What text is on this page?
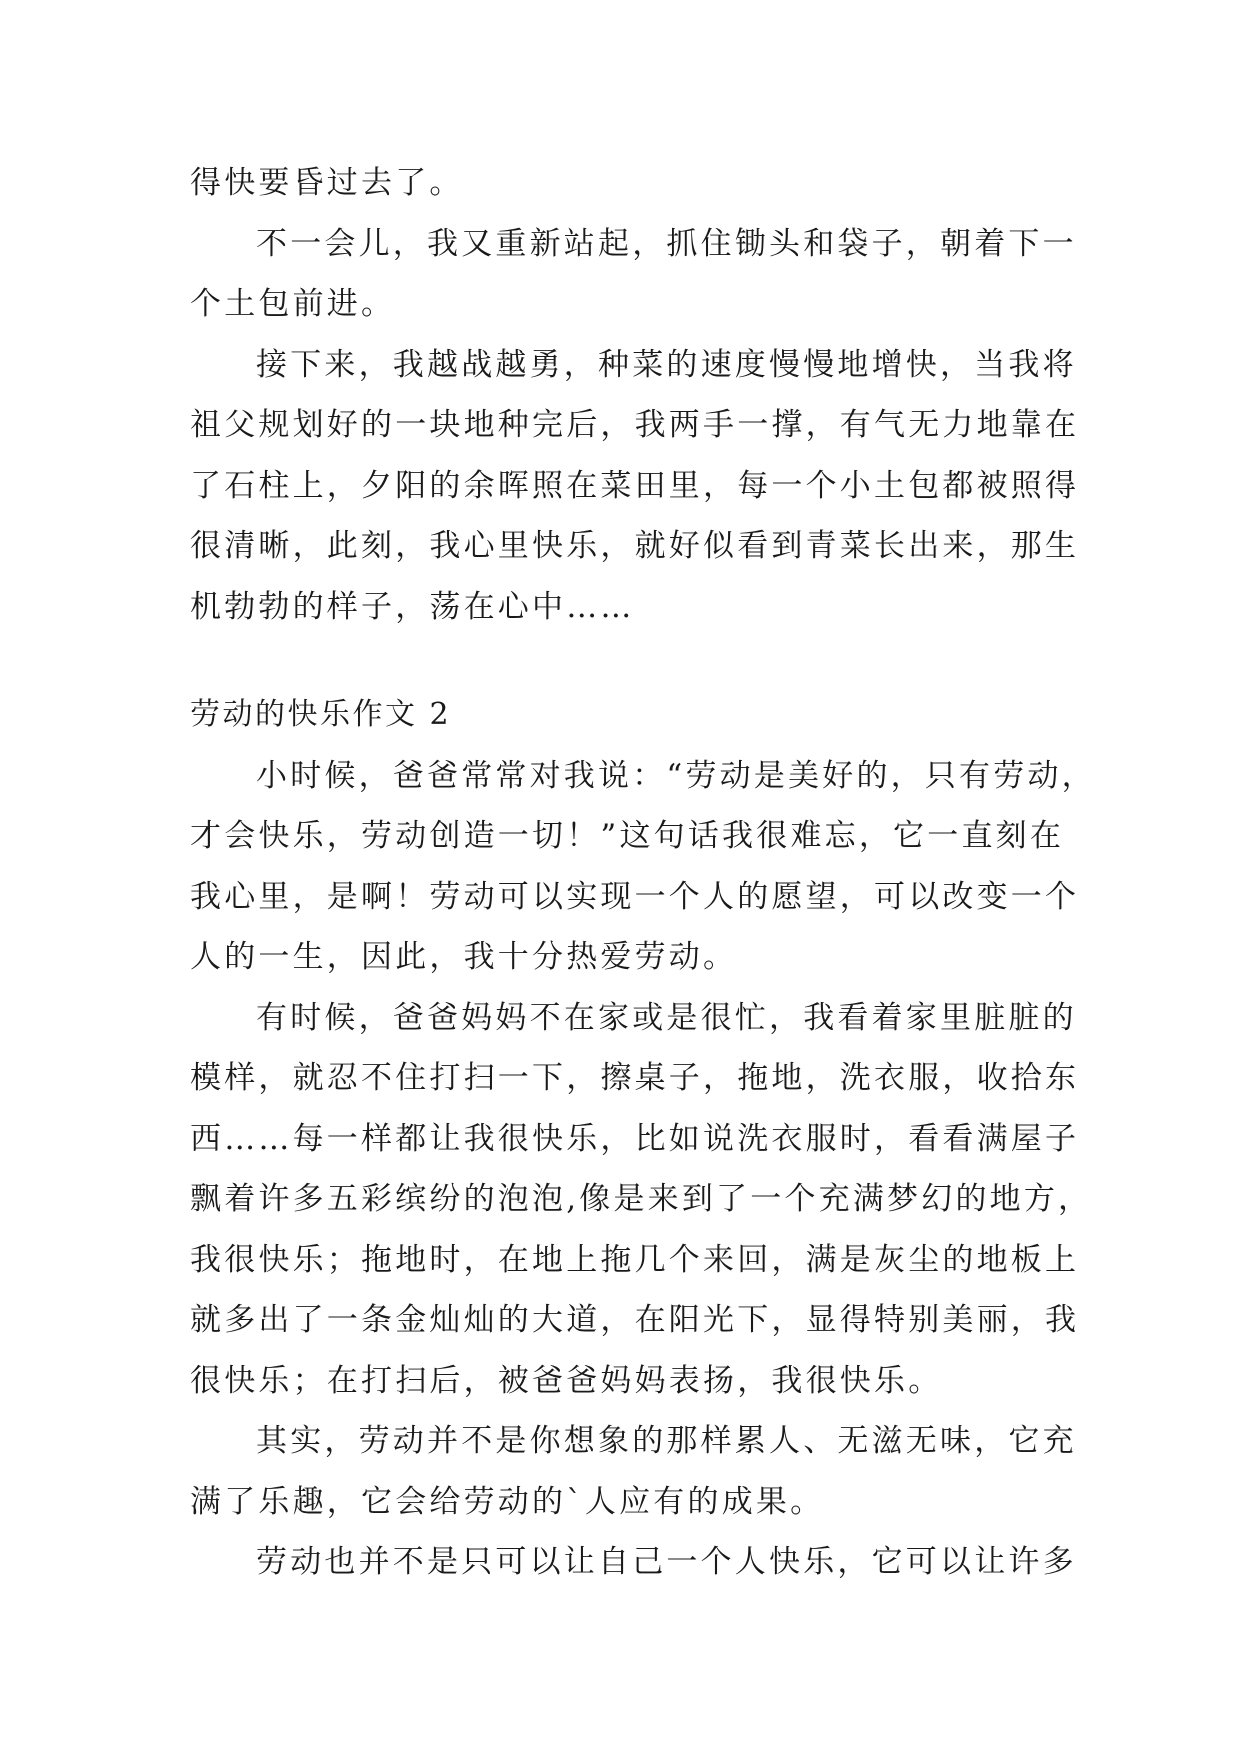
得快要昏过去了。
不一会儿，我又重新站起，抓住锄头和袋子，朝着下一
个土包前进。
接下来，我越战越勇，种菜的速度慢慢地增快，当我将
祖父规划好的一块地种完后，我两手一撑，有气无力地靠在
了石柱上，夕阳的余晖照在菜田里，每一个小土包都被照得
很清晰，此刻，我心里快乐，就好似看到青菜长出来，那生
机勃勃的样子，荡在心中……
劳动的快乐作文 2
小时候，爸爸常常对我说：“劳动是美好的，只有劳动，
才会快乐，劳动创造一切！”这句话我很难忘，它一直刻在
我心里，是啊！劳动可以实现一个人的愿望，可以改变一个
人的一生，因此，我十分热爱劳动。
有时候，爸爸妈妈不在家或是很忙，我看着家里脏脏的
模样，就忍不住打扫一下，擦桌子，拖地，洗衣服，收拾东
西……每一样都让我很快乐，比如说洗衣服时，看看满屋子
飘着许多五彩缤纷的泡泡,像是来到了一个充满梦幻的地方，
我很快乐；拖地时，在地上拖几个来回，满是灰尘的地板上
就多出了一条金灿灿的大道，在阳光下，显得特别美丽，我
很快乐；在打扫后，被爸爸妈妈表扬，我很快乐。
其实，劳动并不是你想象的那样累人、无滋无味，它充
满了乐趣，它会给劳动的`人应有的成果。
劳动也并不是只可以让自己一个人快乐，它可以让许多
